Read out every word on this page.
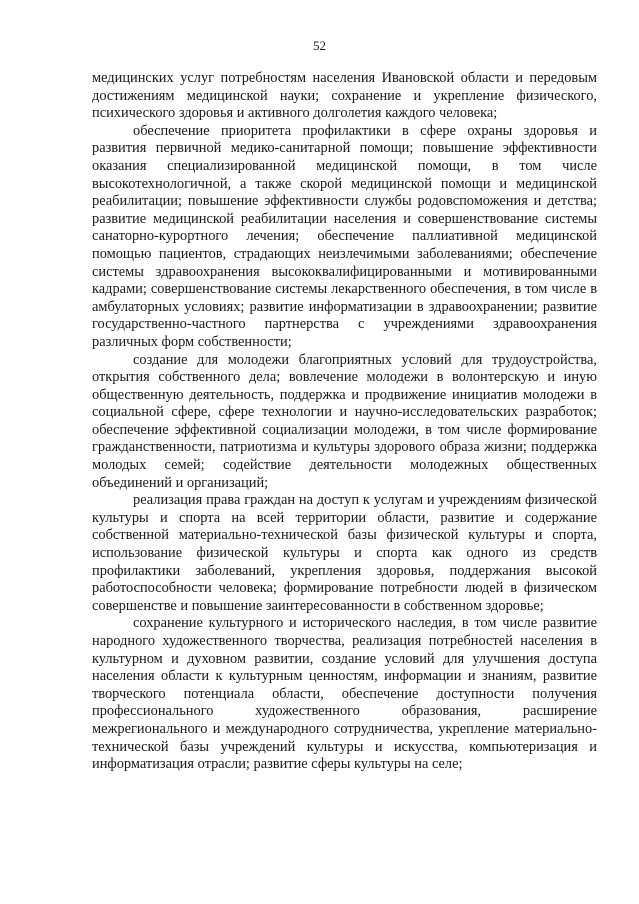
52

медицинских услуг потребностям населения Ивановской области и передовым достижениям медицинской науки; сохранение и укрепление физического, психического здоровья и активного долголетия каждого человека;

обеспечение приоритета профилактики в сфере охраны здоровья и развития первичной медико-санитарной помощи; повышение эффективности оказания специализированной медицинской помощи, в том числе высокотехнологичной, а также скорой медицинской помощи и медицинской реабилитации; повышение эффективности службы родовспоможения и детства; развитие медицинской реабилитации населения и совершенствование системы санаторно-курортного лечения; обеспечение паллиативной медицинской помощью пациентов, страдающих неизлечимыми заболеваниями; обеспечение системы здравоохранения высококвалифицированными и мотивированными кадрами; совершенствование системы лекарственного обеспечения, в том числе в амбулаторных условиях; развитие информатизации в здравоохранении; развитие государственно-частного партнерства с учреждениями здравоохранения различных форм собственности;

создание для молодежи благоприятных условий для трудоустройства, открытия собственного дела; вовлечение молодежи в волонтерскую и иную общественную деятельность, поддержка и продвижение инициатив молодежи в социальной сфере, сфере технологии и научно-исследовательских разработок; обеспечение эффективной социализации молодежи, в том числе формирование гражданственности, патриотизма и культуры здорового образа жизни; поддержка молодых семей; содействие деятельности молодежных общественных объединений и организаций;

реализация права граждан на доступ к услугам и учреждениям физической культуры и спорта на всей территории области, развитие и содержание собственной материально-технической базы физической культуры и спорта, использование физической культуры и спорта как одного из средств профилактики заболеваний, укрепления здоровья, поддержания высокой работоспособности человека; формирование потребности людей в физическом совершенстве и повышение заинтересованности в собственном здоровье;

сохранение культурного и исторического наследия, в том числе развитие народного художественного творчества, реализация потребностей населения в культурном и духовном развитии, создание условий для улучшения доступа населения области к культурным ценностям, информации и знаниям, развитие творческого потенциала области, обеспечение доступности получения профессионального художественного образования, расширение межрегионального и международного сотрудничества, укрепление материально-технической базы учреждений культуры и искусства, компьютеризация и информатизация отрасли; развитие сферы культуры на селе;
